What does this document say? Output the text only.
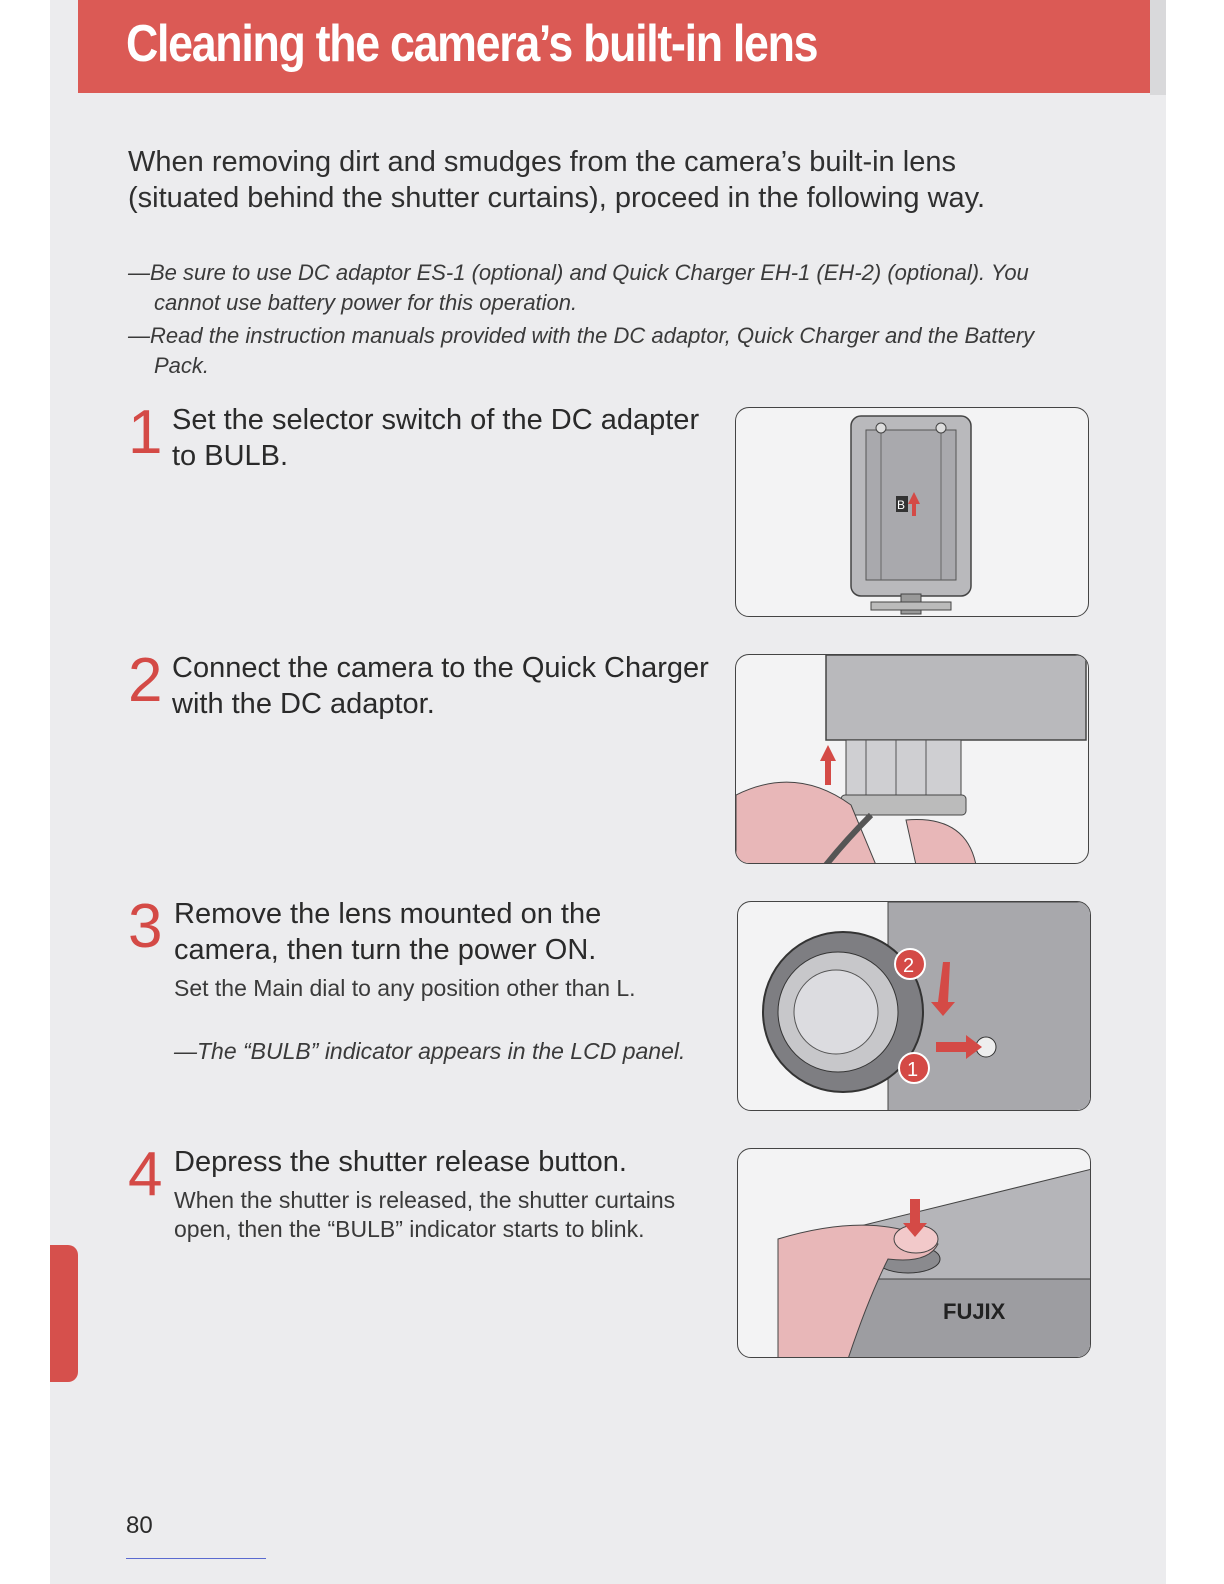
Cleaning the camera’s built-in lens

When removing dirt and smudges from the camera’s built-in lens (situated behind the shutter curtains), proceed in the following way.

—Be sure to use DC adaptor ES-1 (optional) and Quick Charger EH-1 (EH-2) (optional). You cannot use battery power for this operation.
—Read the instruction manuals provided with the DC adaptor, Quick Charger and the Battery Pack.
1 Set the selector switch of the DC adapter to BULB.

2 Connect the camera to the Quick Charger with the DC adaptor.

3 Remove the lens mounted on the camera, then turn the power ON.

Set the Main dial to any position other than L.

—The “BULB” indicator appears in the LCD panel.

4 Depress the shutter release button.

When the shutter is released, the shutter curtains open, then the “BULB” indicator starts to blink.

B
2
1
FUJIX

80
